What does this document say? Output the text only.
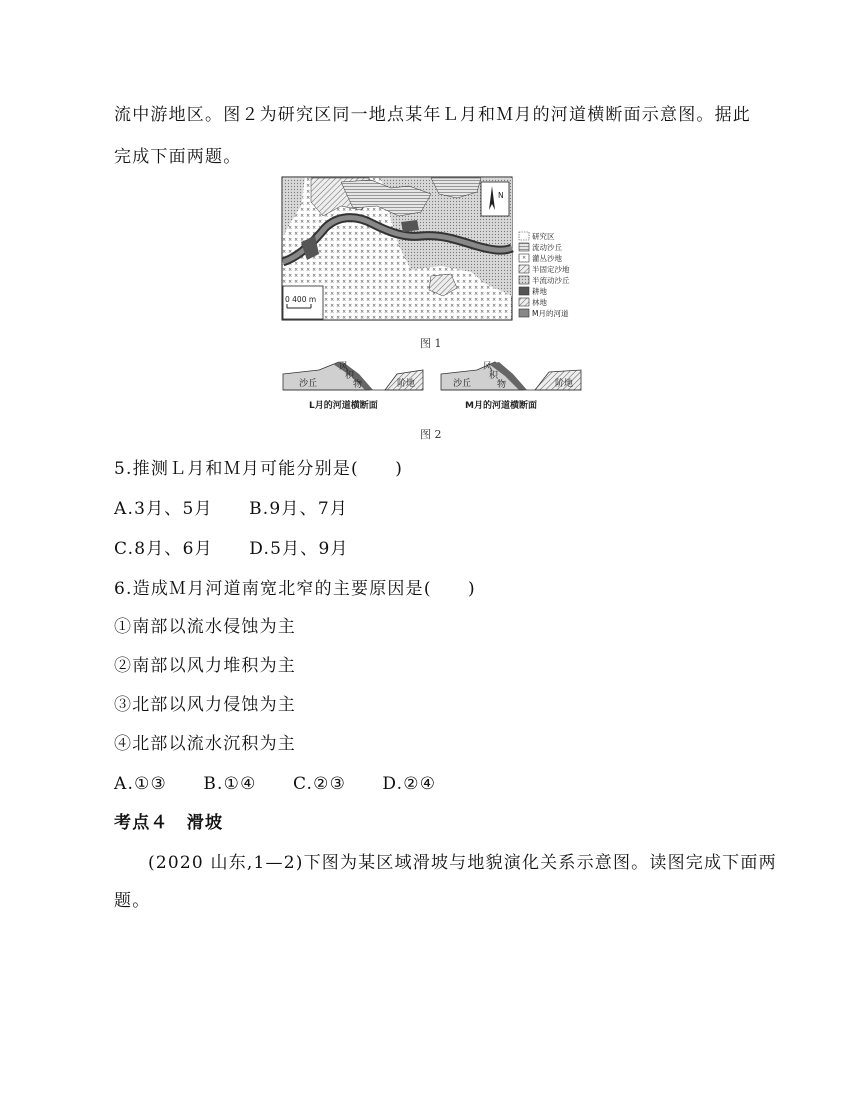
流中游地区。图２为研究区同一地点某年Ｌ月和Ｍ月的河道横断面示意图。据此
完成下面两题。
0 400 m
N
研究区
流动沙丘
灌丛沙地
半固定沙地
半流动沙丘
耕地
林地
M月的河道
图 1
沙丘
风
积
物	阶地
L月的河道横断面
沙丘
风
积
物	阶地
M月的河道横断面
图 2
5.推测Ｌ月和Ｍ月可能分别是(　　)
A.3月、5月　　B.9月、7月
C.8月、6月　　D.5月、9月
6.造成Ｍ月河道南宽北窄的主要原因是(　　)
①南部以流水侵蚀为主
②南部以风力堆积为主
③北部以风力侵蚀为主
④北部以流水沉积为主
A.①③　　B.①④　　C.②③　　D.②④
考点４　滑坡
(2020 山东,1—2)下图为某区域滑坡与地貌演化关系示意图。读图完成下面两
题。
